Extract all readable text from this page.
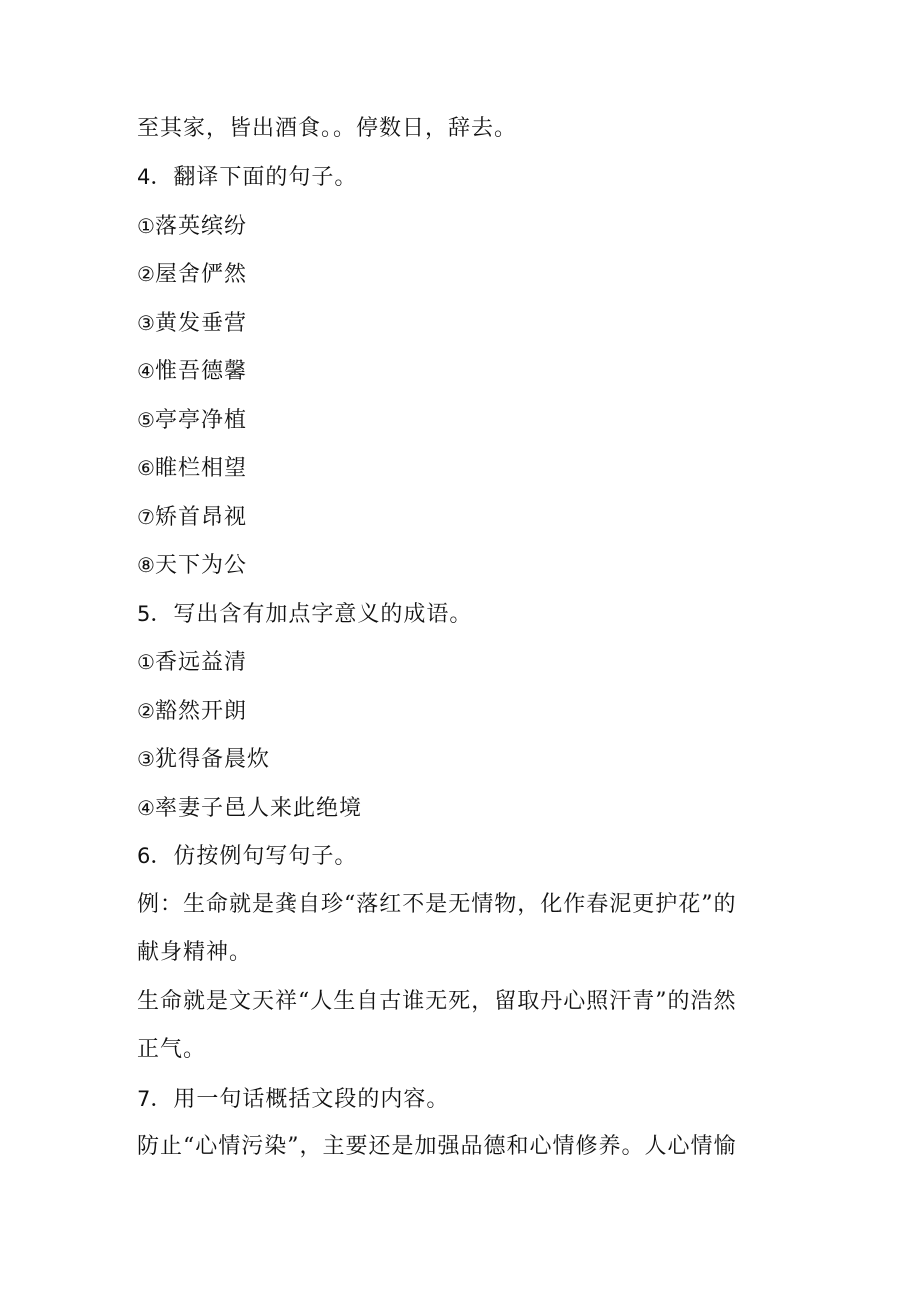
至其家，皆出酒食。。停数日，辞去。
4．翻译下面的句子。
①落英缤纷
②屋舍俨然
③黄发垂营
④惟吾德馨
⑤亭亭净植
⑥睢栏相望
⑦矫首昂视
⑧天下为公
5．写出含有加点字意义的成语。
①香远益清
②豁然开朗
③犹得备晨炊
④率妻子邑人来此绝境
6．仿按例句写句子。
例：生命就是龚自珍“落红不是无情物，化作春泥更护花”的
献身精神。
生命就是文天祥“人生自古谁无死，留取丹心照汗青”的浩然
正气。
7．用一句话概括文段的内容。
防止“心情污染”，主要还是加强品德和心情修养。人心情愉
